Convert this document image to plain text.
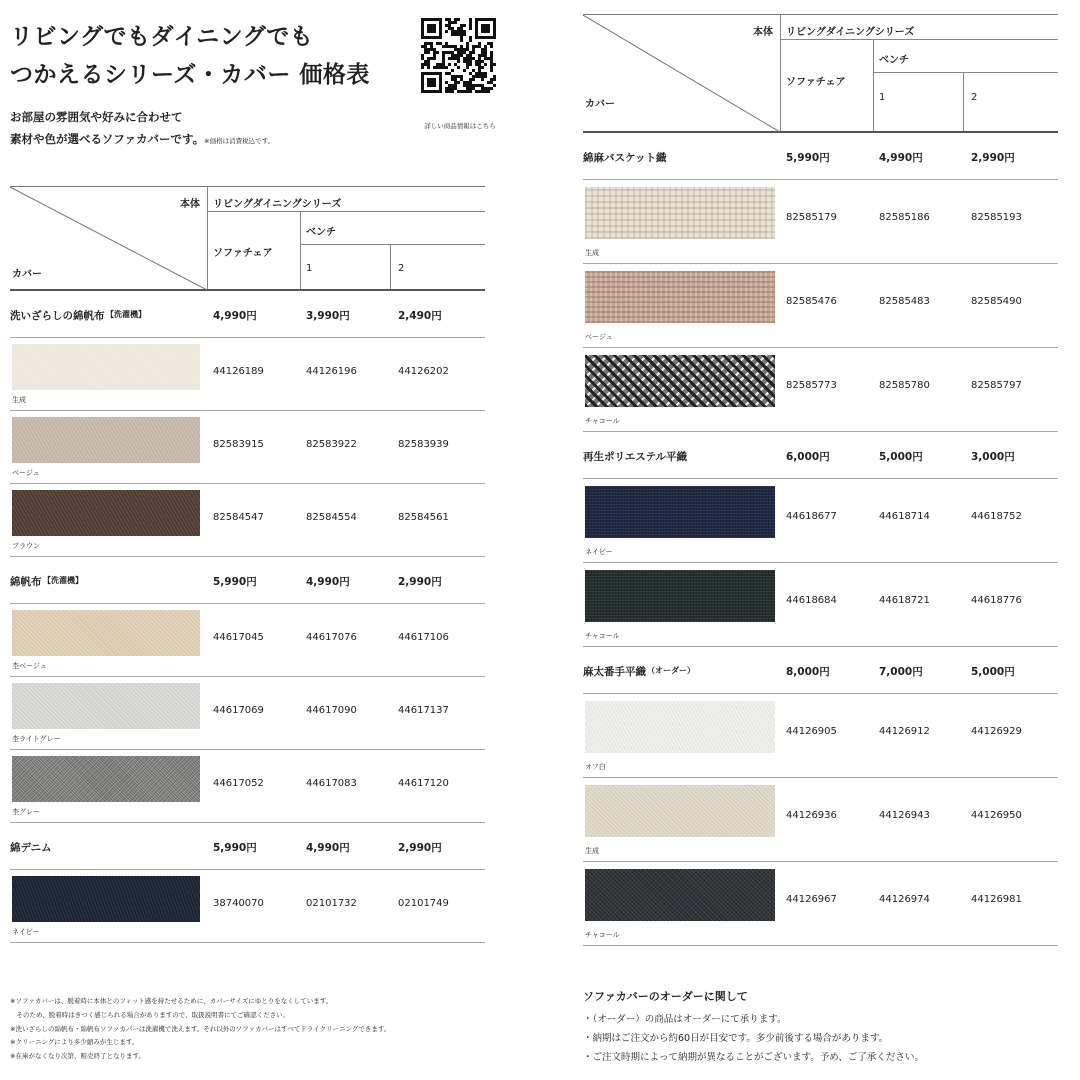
リビングでもダイニングでも
つかえるシリーズ・カバー 価格表
お部屋の雰囲気や好みに合わせて
素材や色が選べるソファカバーです。※価格は消費税込です。
詳しい商品情報はこちら
本体 リビングダイニングシリーズ
ソファチェア
ベンチ
1	2
カバー
洗いざらしの綿帆布 【洗濯機】	4,990円	3,990円	2,490円
生成
44126189	44126196	44126202
ベージュ
82583915	82583922	82583939
ブラウン
82584547	82584554	82584561
綿帆布 【洗濯機】	5,990円	4,990円	2,990円
杢ベージュ
44617045	44617076	44617106
杢ライトグレー
44617069	44617090	44617137
杢グレー
44617052	44617083	44617120
綿デニム	5,990円	4,990円	2,990円
ネイビー
38740070	02101732	02101749
※ソファカバーは、脱着時に本体とのフィット感を持たせるために、カバーサイズにゆとりをなくしています。
　そのため、脱着時はきつく感じられる場合がありますので、取扱説明書にてご確認ください。
※洗いざらしの綿帆布・綿帆布ソファカバーは洗濯機で洗えます。それ以外のソファカバーはすべてドライクリーニングできます。
※クリーニングにより多少縮みが生じます。
※在庫がなくなり次第、販売終了となります。
本体 リビングダイニングシリーズ
ソファチェア
ベンチ
1	2
カバー
綿麻バスケット織	5,990円	4,990円	2,990円
生成
82585179	82585186	82585193
ベージュ
82585476	82585483	82585490
チャコール
82585773	82585780	82585797
再生ポリエステル平織	6,000円	5,000円	3,000円
ネイビー
44618677	44618714	44618752
チャコール
44618684	44618721	44618776
麻太番手平織 （オーダー）	8,000円	7,000円	5,000円
オフ白
44126905	44126912	44126929
生成
44126936	44126943	44126950
チャコール
44126967	44126974	44126981
ソファカバーのオーダーに関して
・（オーダー）の商品はオーダーにて承ります。
・納期はご注文から約60日が目安です。多少前後する場合があります。
・ご注文時期によって納期が異なることがございます。予め、ご了承ください。
